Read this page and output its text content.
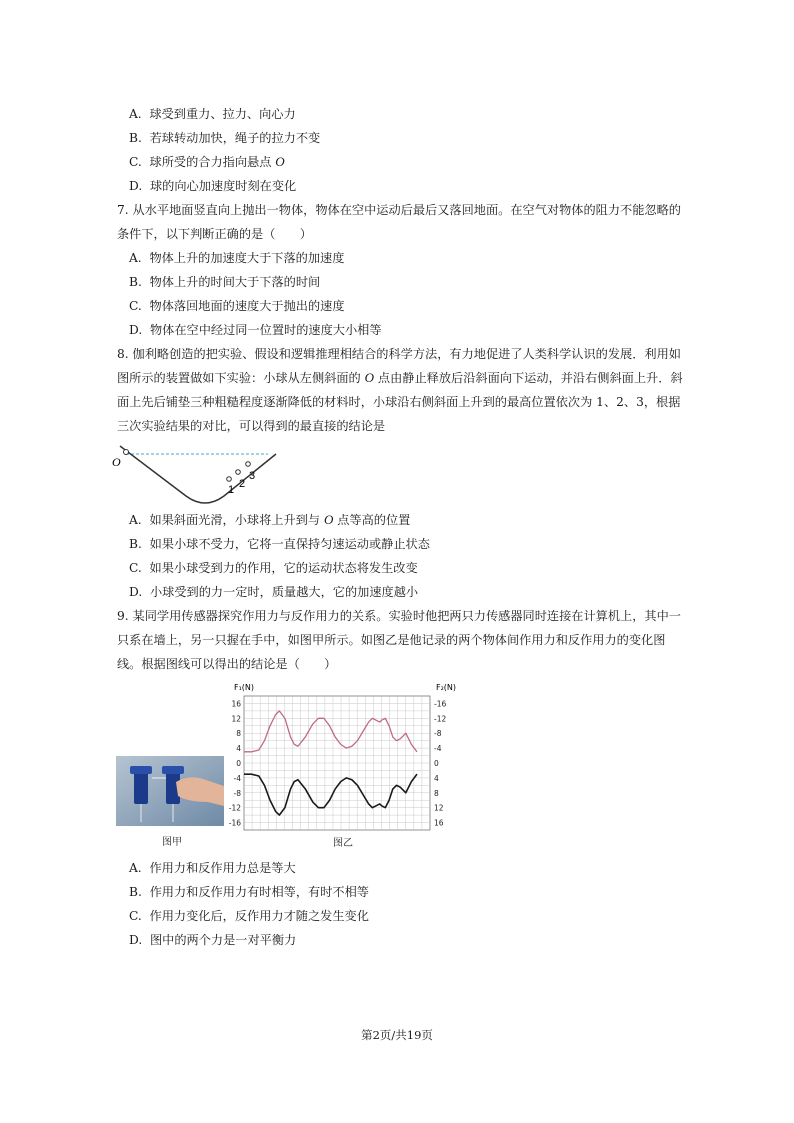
A. 球受到重力、拉力、向心力
B. 若球转动加快，绳子的拉力不变
C. 球所受的合力指向悬点 O
D. 球的向心加速度时刻在变化
7. 从水平地面竖直向上抛出一物体，物体在空中运动后最后又落回地面。在空气对物体的阻力不能忽略的
条件下，以下判断正确的是（　　）
A. 物体上升的加速度大于下落的加速度
B. 物体上升的时间大于下落的时间
C. 物体落回地面的速度大于抛出的速度
D. 物体在空中经过同一位置时的速度大小相等
8. 伽利略创造的把实验、假设和逻辑推理相结合的科学方法，有力地促进了人类科学认识的发展．利用如
图所示的装置做如下实验：小球从左侧斜面的 O 点由静止释放后沿斜面向下运动，并沿右侧斜面上升．斜
面上先后铺垫三种粗糙程度逐渐降低的材料时，小球沿右侧斜面上升到的最高位置依次为 1、2、3，根据
三次实验结果的对比，可以得到的最直接的结论是
O
1 2
3
A. 如果斜面光滑，小球将上升到与 O 点等高的位置
B. 如果小球不受力，它将一直保持匀速运动或静止状态
C. 如果小球受到力的作用，它的运动状态将发生改变
D. 小球受到的力一定时，质量越大，它的加速度越小
9. 某同学用传感器探究作用力与反作用力的关系。实验时他把两只力传感器同时连接在计算机上，其中一
只系在墙上，另一只握在手中，如图甲所示。如图乙是他记录的两个物体间作用力和反作用力的变化图
线。根据图线可以得出的结论是（　　）
图甲
16	-16
12	-12
8	-8
4	-4
0	0
-4	4
-8	8
-12	12
-16	16
F₁(N)	F₂(N)
图乙
A. 作用力和反作用力总是等大
B. 作用力和反作用力有时相等，有时不相等
C. 作用力变化后，反作用力才随之发生变化
D. 图中的两个力是一对平衡力
第2页/共19页
